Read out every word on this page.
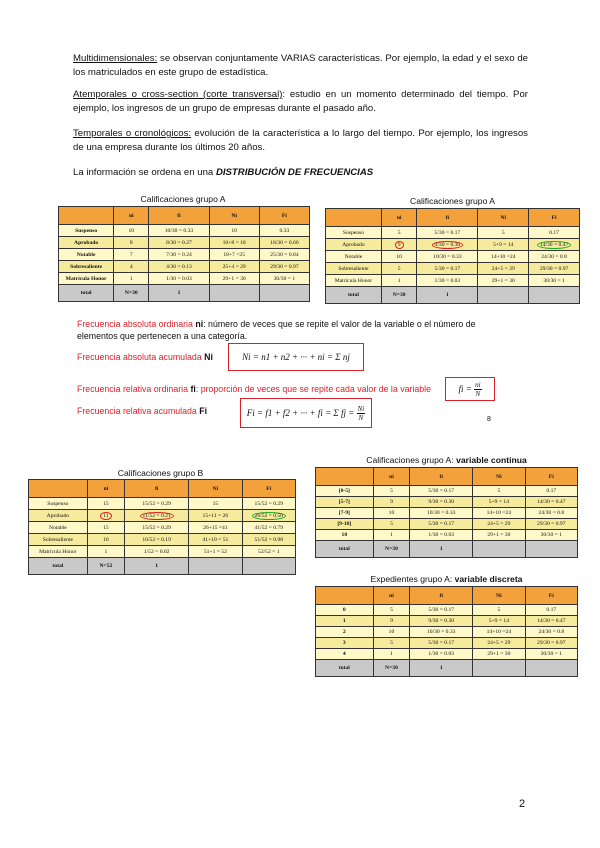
Multidimensionales: se observan conjuntamente VARIAS características. Por ejemplo, la edad y el sexo de los matriculados en este grupo de estadística.
Atemporales o cross-section (corte transversal): estudio en un momento determinado del tiempo. Por ejemplo, los ingresos de un grupo de empresas durante el pasado año.
Temporales o cronológicos: evolución de la característica a lo largo del tiempo. Por ejemplo, los ingresos de una empresa durante los últimos 20 años.
La información se ordena en una DISTRIBUCIÓN DE FRECUENCIAS
Calificaciones grupo A
	ni	fi	Ni	Fi
Suspenso	10	10/30 = 0.33	10	0.33
Aprobado	8	8/30 = 0.27	10+8 = 18	18/30 = 0.60
Notable	7	7/30 = 0.24	18+7 =25	25/30 = 0.84
Sobresaliente	4	4/30 = 0.13	25+4 = 29	29/30 = 0.97
Matrícula Honor	1	1/30 = 0.03	29+1 = 30	30/30 = 1
total	N=30	1		
Calificaciones grupo A
	ni	fi	Ni	Fi
Suspenso	5	5/30 = 0.17	5	0.17
Aprobado	9	9/30 = 0.30	5+9 = 14	14/30 = 0.47
Notable	10	10/30 = 0.33	14+10 =24	24/30 = 0.8
Sobresaliente	5	5/30 = 0.17	24+5 = 29	29/30 = 0.97
Matrícula Honor	1	1/30 = 0.03	29+1 = 30	30/30 = 1
total	N=30	1		
Frecuencia absoluta ordinaria ni: número de veces que se repite el valor de la variable o el número de elementos que pertenecen a una categoría.
Frecuencia absoluta acumulada Ni	Ni = n1 + n2 + ··· + ni = Σ nj
Frecuencia relativa ordinaria fi: proporción de veces que se repite cada valor de la variable	fi =
$\frac{ni}{N}$
Frecuencia relativa acumulada Fi	Fi = f1 + f2 + ··· + fi = Σ fj =
$\frac{Ni}{N}$	8
Calificaciones grupo B
	ni	fi	Ni	Fi
Suspenso	15	15/52 = 0.29	15	15/52 = 0.29
Aprobado	11	11/52 = 0.21	15+11 = 26	26/52 = 0.50
Notable	15	15/52 = 0.29	26+15 =41	41/52 = 0.79
Sobresaliente	10	10/52 = 0.19	41+10 = 51	51/52 = 0.98
Matrícula Honor	1	1/52 = 0.02	51+1 = 52	52/52 = 1
total	N=52	1		
Calificaciones grupo A: variable continua
	ni	fi	Ni	Fi
[0-5]	5	5/30 = 0.17	5	0.17
[5-7]	9	9/30 = 0.30	5+9 = 14	14/30 = 0.47
[7-9]	10	10/30 = 0.33	14+10 =24	24/30 = 0.8
[9-10]	5	5/30 = 0.17	24+5 = 29	29/30 = 0.97
10	1	1/30 = 0.03	29+1 = 30	30/30 = 1
total	N=30	1		
Expedientes grupo A: variable discreta
	ni	fi	Ni	Fi
0	5	5/30 = 0.17	5	0.17
1	9	9/30 = 0.30	5+9 = 14	14/30 = 0.47
2	10	10/30 = 0.33	14+10 =24	24/30 = 0.8
3	5	5/30 = 0.17	24+5 = 29	29/30 = 0.97
4	1	1/30 = 0.03	29+1 = 30	30/30 = 1
total	N=30	1		
2
